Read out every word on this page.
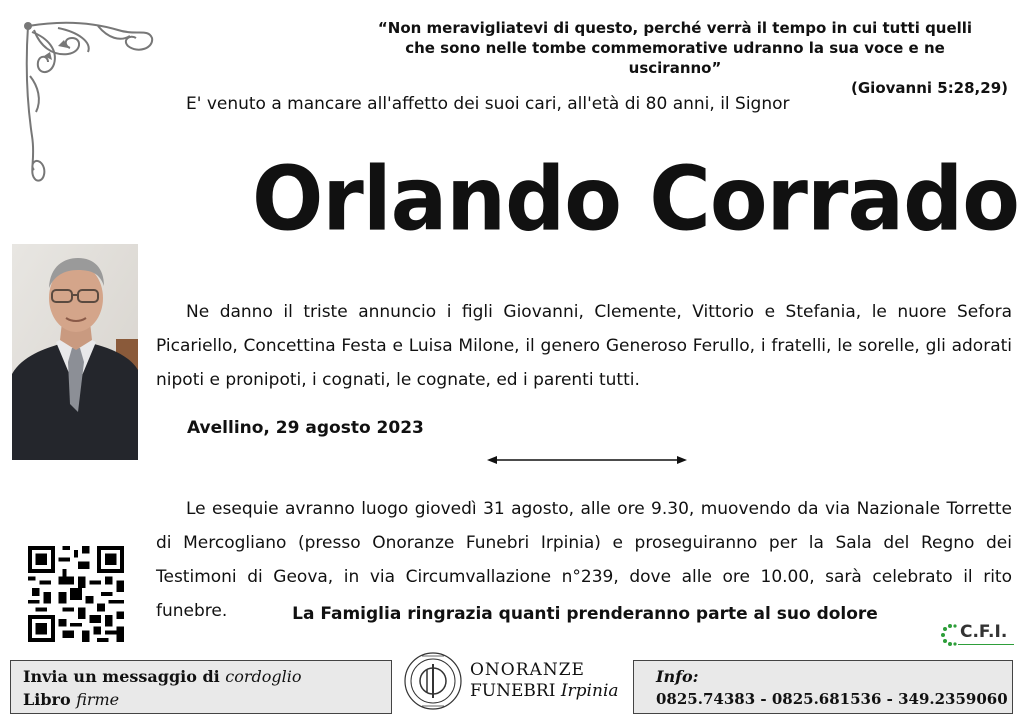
“Non meravigliatevi di questo, perché verrà il tempo in cui tutti quelli
che sono nelle tombe commemorative udranno la sua voce e ne usciranno”
(Giovanni 5:28,29)
E' venuto a mancare all'affetto dei suoi cari, all'età di 80 anni, il Signor
Orlando Corrado
Ne danno il triste annuncio i figli Giovanni, Clemente, Vittorio e Stefania, le nuore Sefora Picariello, Concettina Festa e Luisa Milone, il genero Generoso Ferullo, i fratelli, le sorelle, gli adorati nipoti e pronipoti, i cognati, le cognate, ed i parenti tutti.
Avellino, 29 agosto 2023
Le esequie avranno luogo giovedì 31 agosto, alle ore 9.30, muovendo da via Nazionale Torrette di Mercogliano (presso Onoranze Funebri Irpinia) e proseguiranno per la Sala del Regno dei Testimoni di Geova, in via Circumvallazione n°239, dove alle ore 10.00, sarà celebrato il rito funebre.	La Famiglia ringrazia quanti prenderanno parte al suo dolore
C.F.I.
Invia un messaggio di cordoglio
Libro firme
ONORANZE
FUNEBRI Irpinia
Info:
0825.74383 - 0825.681536 - 349.2359060
